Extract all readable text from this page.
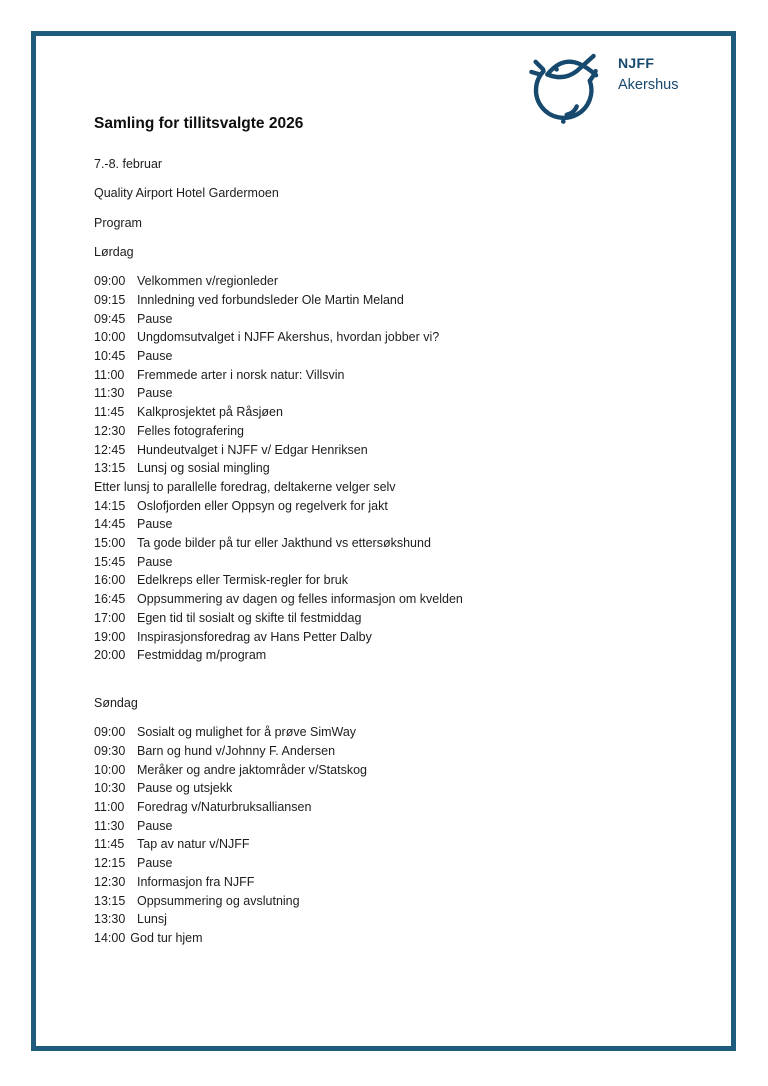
NJFF
Akershus
Samling for tillitsvalgte 2026
7.-8. februar
Quality Airport Hotel Gardermoen
Program
Lørdag
09:00 Velkommen v/regionleder
09:15 Innledning ved forbundsleder Ole Martin Meland
09:45 Pause
10:00 Ungdomsutvalget i NJFF Akershus, hvordan jobber vi?
10:45 Pause
11:00	Fremmede arter i norsk natur: Villsvin
11:30	Pause
11:45	Kalkprosjektet på Råsjøen
12:30 Felles fotografering
12:45 Hundeutvalget i NJFF v/ Edgar Henriksen
13:15 Lunsj og sosial mingling
Etter lunsj to parallelle foredrag, deltakerne velger selv
14:15 Oslofjorden eller Oppsyn og regelverk for jakt
14:45 Pause
15:00 Ta gode bilder på tur eller Jakthund vs ettersøkshund
15:45 Pause
16:00 Edelkreps eller Termisk-regler for bruk
16:45 Oppsummering av dagen og felles informasjon om kvelden
17:00 Egen tid til sosialt og skifte til festmiddag
19:00 Inspirasjonsforedrag av Hans Petter Dalby
20:00 Festmiddag m/program
Søndag
09:00 Sosialt og mulighet for å prøve SimWay
09:30 Barn og hund v/Johnny F. Andersen
10:00 Meråker og andre jaktområder v/Statskog
10:30 Pause og utsjekk
11:00	Foredrag v/Naturbruksalliansen
11:30	Pause
11:45	Tap av natur v/NJFF
12:15 Pause
12:30 Informasjon fra NJFF
13:15 Oppsummering og avslutning
13:30 Lunsj
14:00 God tur hjem
